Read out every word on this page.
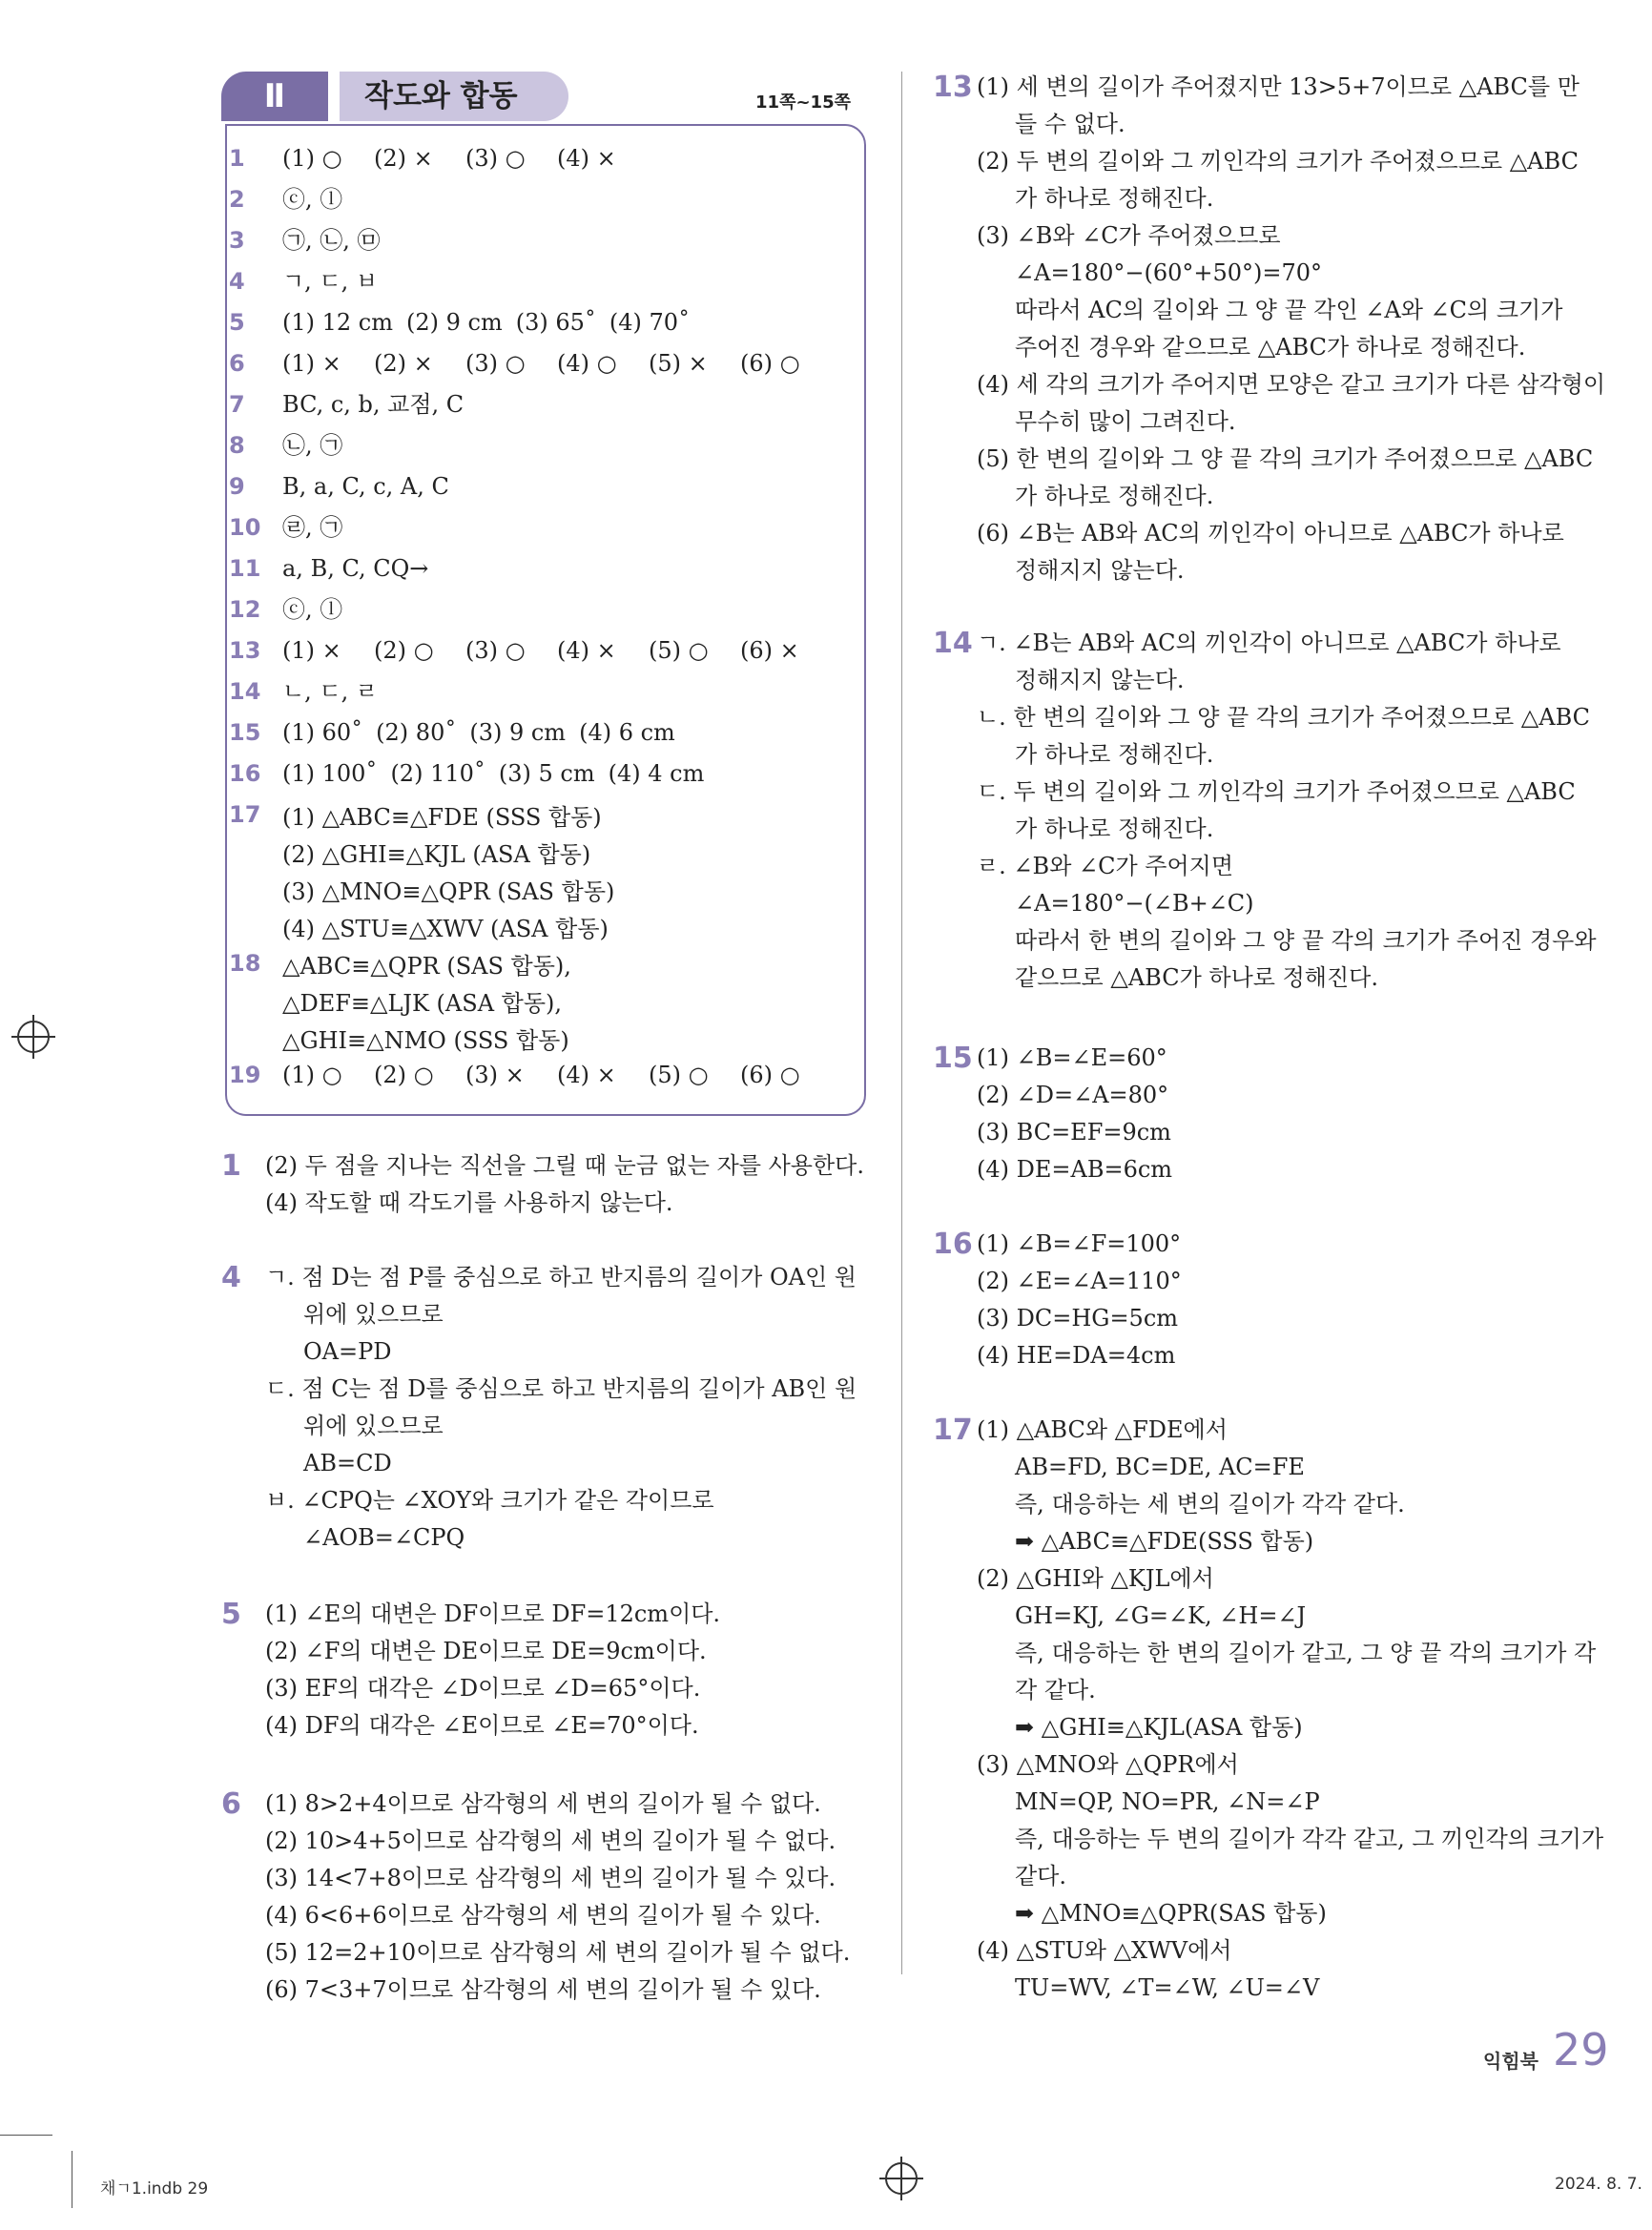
Ⅱ	작도와 합동	11쪽~15쪽
1	(1) ○ (2) × (3) ○ (4) ×
2	ⓒ, ⓛ
3	㉠, ㉡, ㉤
4	ㄱ, ㄷ, ㅂ
5	(1) 12 cm (2) 9 cm (3) 65˚ (4) 70˚
6	(1) × (2) × (3) ○ (4) ○ (5) × (6) ○
7	BC, c, b, 교점, C
8	㉡, ㉠
9	B, a, C, c, A, C
10 ㉣, ㉠
11 a, B, C, CQ→
12 ⓒ, ⓛ
13 (1) × (2) ○ (3) ○ (4) × (5) ○ (6) ×
14 ㄴ, ㄷ, ㄹ
15 (1) 60˚ (2) 80˚ (3) 9 cm (4) 6 cm
16 (1) 100˚ (2) 110˚ (3) 5 cm (4) 4 cm
17 (1) △ABC≡△FDE (SSS 합동)
(2) △GHI≡△KJL (ASA 합동)
(3) △MNO≡△QPR (SAS 합동)
(4) △STU≡△XWV (ASA 합동)
18 △ABC≡△QPR (SAS 합동),
△DEF≡△LJK (ASA 합동),
△GHI≡△NMO (SSS 합동)
19 (1) ○ (2) ○ (3) × (4) × (5) ○ (6) ○
1 (2) 두 점을 지나는 직선을 그릴 때 눈금 없는 자를 사용한다.
(4) 작도할 때 각도기를 사용하지 않는다.
4 ㄱ. 점 D는 점 P를 중심으로 하고 반지름의 길이가 OA인 원
위에 있으므로
OA=PD
ㄷ. 점 C는 점 D를 중심으로 하고 반지름의 길이가 AB인 원
위에 있으므로
AB=CD
ㅂ. ∠CPQ는 ∠XOY와 크기가 같은 각이므로
∠AOB=∠CPQ
5 (1) ∠E의 대변은 DF이므로 DF=12cm이다.
(2) ∠F의 대변은 DE이므로 DE=9cm이다.
(3) EF의 대각은 ∠D이므로 ∠D=65°이다.
(4) DF의 대각은 ∠E이므로 ∠E=70°이다.
6 (1) 8>2+4이므로 삼각형의 세 변의 길이가 될 수 없다.
(2) 10>4+5이므로 삼각형의 세 변의 길이가 될 수 없다.
(3) 14<7+8이므로 삼각형의 세 변의 길이가 될 수 있다.
(4) 6<6+6이므로 삼각형의 세 변의 길이가 될 수 있다.
(5) 12=2+10이므로 삼각형의 세 변의 길이가 될 수 없다.
(6) 7<3+7이므로 삼각형의 세 변의 길이가 될 수 있다.
13 (1) 세 변의 길이가 주어졌지만 13>5+7이므로 △ABC를 만
들 수 없다.
(2) 두 변의 길이와 그 끼인각의 크기가 주어졌으므로 △ABC
가 하나로 정해진다.
(3) ∠B와 ∠C가 주어졌으므로
∠A=180°−(60°+50°)=70°
따라서 AC의 길이와 그 양 끝 각인 ∠A와 ∠C의 크기가
주어진 경우와 같으므로 △ABC가 하나로 정해진다.
(4) 세 각의 크기가 주어지면 모양은 같고 크기가 다른 삼각형이
무수히 많이 그려진다.
(5) 한 변의 길이와 그 양 끝 각의 크기가 주어졌으므로 △ABC
가 하나로 정해진다.
(6) ∠B는 AB와 AC의 끼인각이 아니므로 △ABC가 하나로
정해지지 않는다.
14 ㄱ. ∠B는 AB와 AC의 끼인각이 아니므로 △ABC가 하나로
정해지지 않는다.
ㄴ. 한 변의 길이와 그 양 끝 각의 크기가 주어졌으므로 △ABC
가 하나로 정해진다.
ㄷ. 두 변의 길이와 그 끼인각의 크기가 주어졌으므로 △ABC
가 하나로 정해진다.
ㄹ. ∠B와 ∠C가 주어지면
∠A=180°−(∠B+∠C)
따라서 한 변의 길이와 그 양 끝 각의 크기가 주어진 경우와
같으므로 △ABC가 하나로 정해진다.
15 (1) ∠B=∠E=60°
(2) ∠D=∠A=80°
(3) BC=EF=9cm
(4) DE=AB=6cm
16 (1) ∠B=∠F=100°
(2) ∠E=∠A=110°
(3) DC=HG=5cm
(4) HE=DA=4cm
17 (1) △ABC와 △FDE에서
AB=FD, BC=DE, AC=FE
즉, 대응하는 세 변의 길이가 각각 같다.
➡ △ABC≡△FDE(SSS 합동)
(2) △GHI와 △KJL에서
GH=KJ, ∠G=∠K, ∠H=∠J
즉, 대응하는 한 변의 길이가 같고, 그 양 끝 각의 크기가 각
각 같다.
➡ △GHI≡△KJL(ASA 합동)
(3) △MNO와 △QPR에서
MN=QP, NO=PR, ∠N=∠P
즉, 대응하는 두 변의 길이가 각각 같고, 그 끼인각의 크기가
같다.
➡ △MNO≡△QPR(SAS 합동)
(4) △STU와 △XWV에서
TU=WV, ∠T=∠W, ∠U=∠V
익힘북 29
채ㄱ1.indb 29	2024. 8. 7.
